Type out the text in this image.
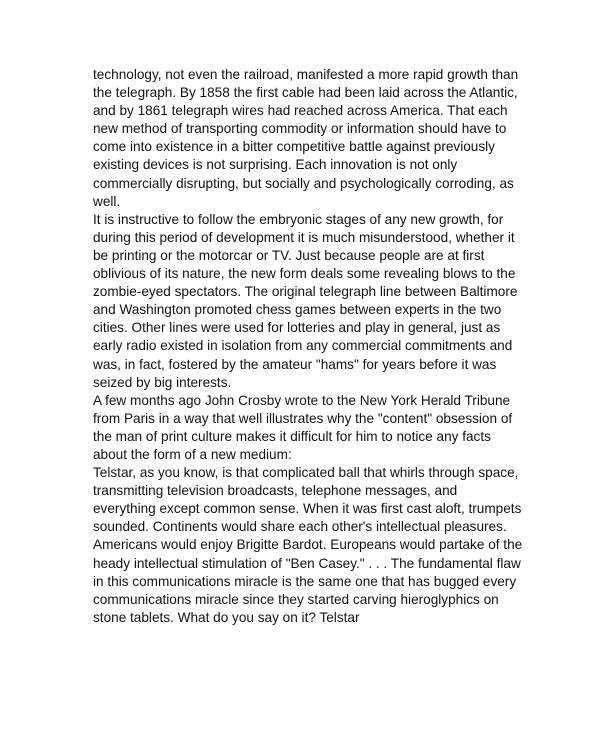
technology, not even the railroad, manifested a more rapid growth than the telegraph. By 1858 the first cable had been laid across the Atlantic, and by 1861 telegraph wires had reached across America. That each new method of transporting commodity or information should have to come into existence in a bitter competitive battle against previously existing devices is not surprising. Each innovation is not only commercially disrupting, but socially and psychologically corroding, as well.

It is instructive to follow the embryonic stages of any new growth, for during this period of development it is much misunderstood, whether it be printing or the motorcar or TV. Just because people are at first oblivious of its nature, the new form deals some revealing blows to the zombie-eyed spectators. The original telegraph line between Baltimore and Washington promoted chess games between experts in the two cities. Other lines were used for lotteries and play in general, just as early radio existed in isolation from any commercial commitments and was, in fact, fostered by the amateur "hams" for years before it was seized by big interests.

A few months ago John Crosby wrote to the New York Herald Tribune from Paris in a way that well illustrates why the "content" obsession of the man of print culture makes it difficult for him to notice any facts about the form of a new medium:

Telstar, as you know, is that complicated ball that whirls through space, transmitting television broadcasts, telephone messages, and everything except common sense. When it was first cast aloft, trumpets sounded. Continents would share each other's intellectual pleasures. Americans would enjoy Brigitte Bardot. Europeans would partake of the heady intellectual stimulation of "Ben Casey." . . . The fundamental flaw in this communications miracle is the same one that has bugged every communications miracle since they started carving hieroglyphics on stone tablets. What do you say on it? Telstar
